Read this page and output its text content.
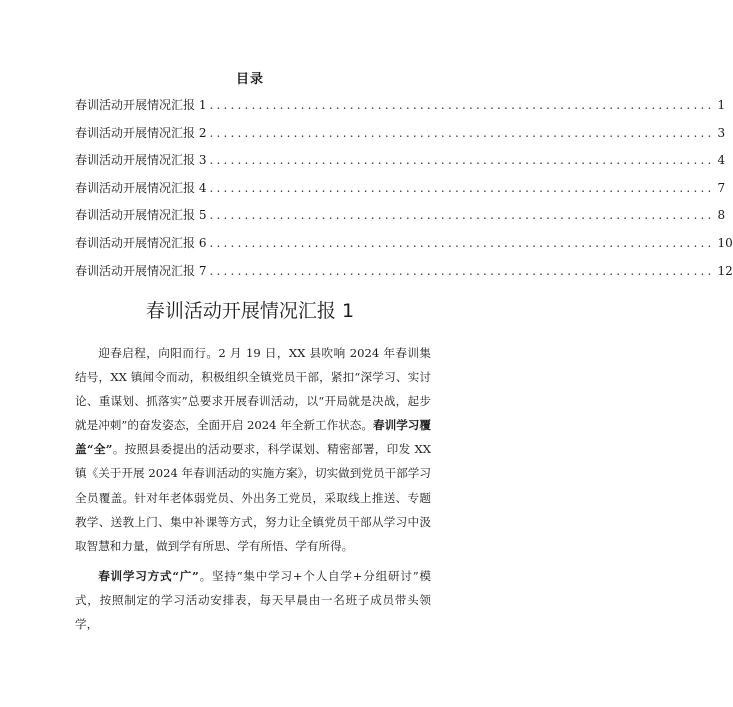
目录
春训活动开展情况汇报 1 ........................................................................ 1
春训活动开展情况汇报 2 ........................................................................ 3
春训活动开展情况汇报 3 ........................................................................ 4
春训活动开展情况汇报 4 ........................................................................ 7
春训活动开展情况汇报 5 ........................................................................ 8
春训活动开展情况汇报 6 ........................................................................ 10
春训活动开展情况汇报 7 ........................................................................ 12
春训活动开展情况汇报 1

迎春启程，向阳而行。2 月 19 日，XX 县吹响 2024 年春训集结号，XX 镇闻令而动，积极组织全镇党员干部，紧扣“深学习、实讨论、重谋划、抓落实”总要求开展春训活动，以“开局就是决战，起步就是冲刺”的奋发姿态，全面开启 2024 年全新工作状态。春训学习覆盖“全”。按照县委提出的活动要求，科学谋划、精密部署，印发 XX 镇《关于开展 2024 年春训活动的实施方案》，切实做到党员干部学习全员覆盖。针对年老体弱党员、外出务工党员，采取线上推送、专题教学、送教上门、集中补课等方式，努力让全镇党员干部从学习中汲取智慧和力量，做到学有所思、学有所悟、学有所得。

春训学习方式“广”。坚持“集中学习+个人自学+分组研讨”模式，按照制定的学习活动安排表，每天早晨由一名班子成员带头领学，
